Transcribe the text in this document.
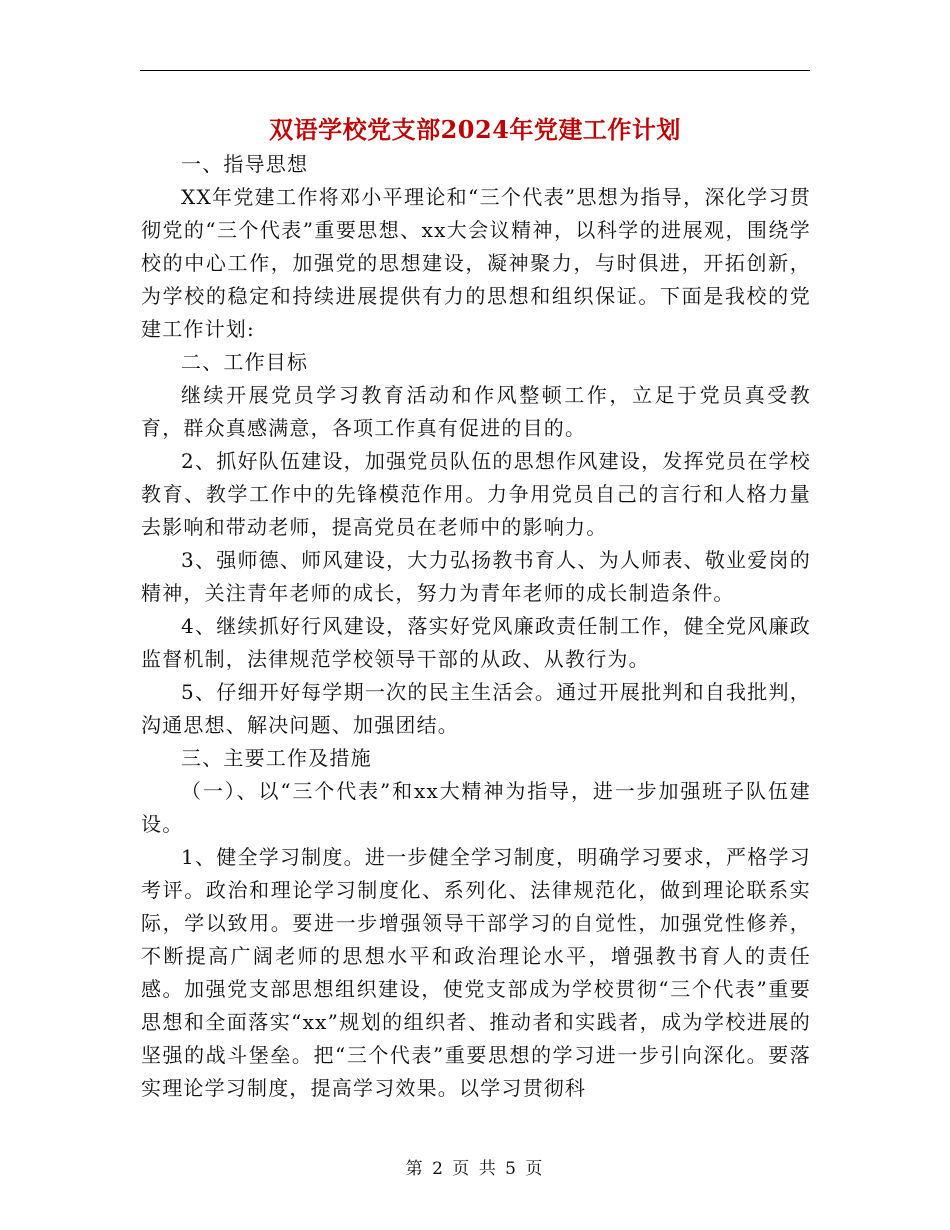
双语学校党支部2024年党建工作计划

一、指导思想

XX年党建工作将邓小平理论和“三个代表”思想为指导，深化学习贯彻党的“三个代表”重要思想、xx大会议精神，以科学的进展观，围绕学校的中心工作，加强党的思想建设，凝神聚力，与时俱进，开拓创新，为学校的稳定和持续进展提供有力的思想和组织保证。下面是我校的党建工作计划:

二、工作目标

继续开展党员学习教育活动和作风整顿工作，立足于党员真受教育，群众真感满意，各项工作真有促进的目的。

2、抓好队伍建设，加强党员队伍的思想作风建设，发挥党员在学校教育、教学工作中的先锋模范作用。力争用党员自己的言行和人格力量去影响和带动老师，提高党员在老师中的影响力。

3、强师德、师风建设，大力弘扬教书育人、为人师表、敬业爱岗的精神，关注青年老师的成长，努力为青年老师的成长制造条件。

4、继续抓好行风建设，落实好党风廉政责任制工作，健全党风廉政监督机制，法律规范学校领导干部的从政、从教行为。

5、仔细开好每学期一次的民主生活会。通过开展批判和自我批判，沟通思想、解决问题、加强团结。

三、主要工作及措施

（一）、以“三个代表”和xx大精神为指导，进一步加强班子队伍建设。

1、健全学习制度。进一步健全学习制度，明确学习要求，严格学习考评。政治和理论学习制度化、系列化、法律规范化，做到理论联系实际，学以致用。要进一步增强领导干部学习的自觉性，加强党性修养，不断提高广阔老师的思想水平和政治理论水平，增强教书育人的责任感。加强党支部思想组织建设，使党支部成为学校贯彻“三个代表”重要思想和全面落实“xx”规划的组织者、推动者和实践者，成为学校进展的坚强的战斗堡垒。把“三个代表”重要思想的学习进一步引向深化。要落实理论学习制度，提高学习效果。以学习贯彻科

第 2 页 共 5 页
